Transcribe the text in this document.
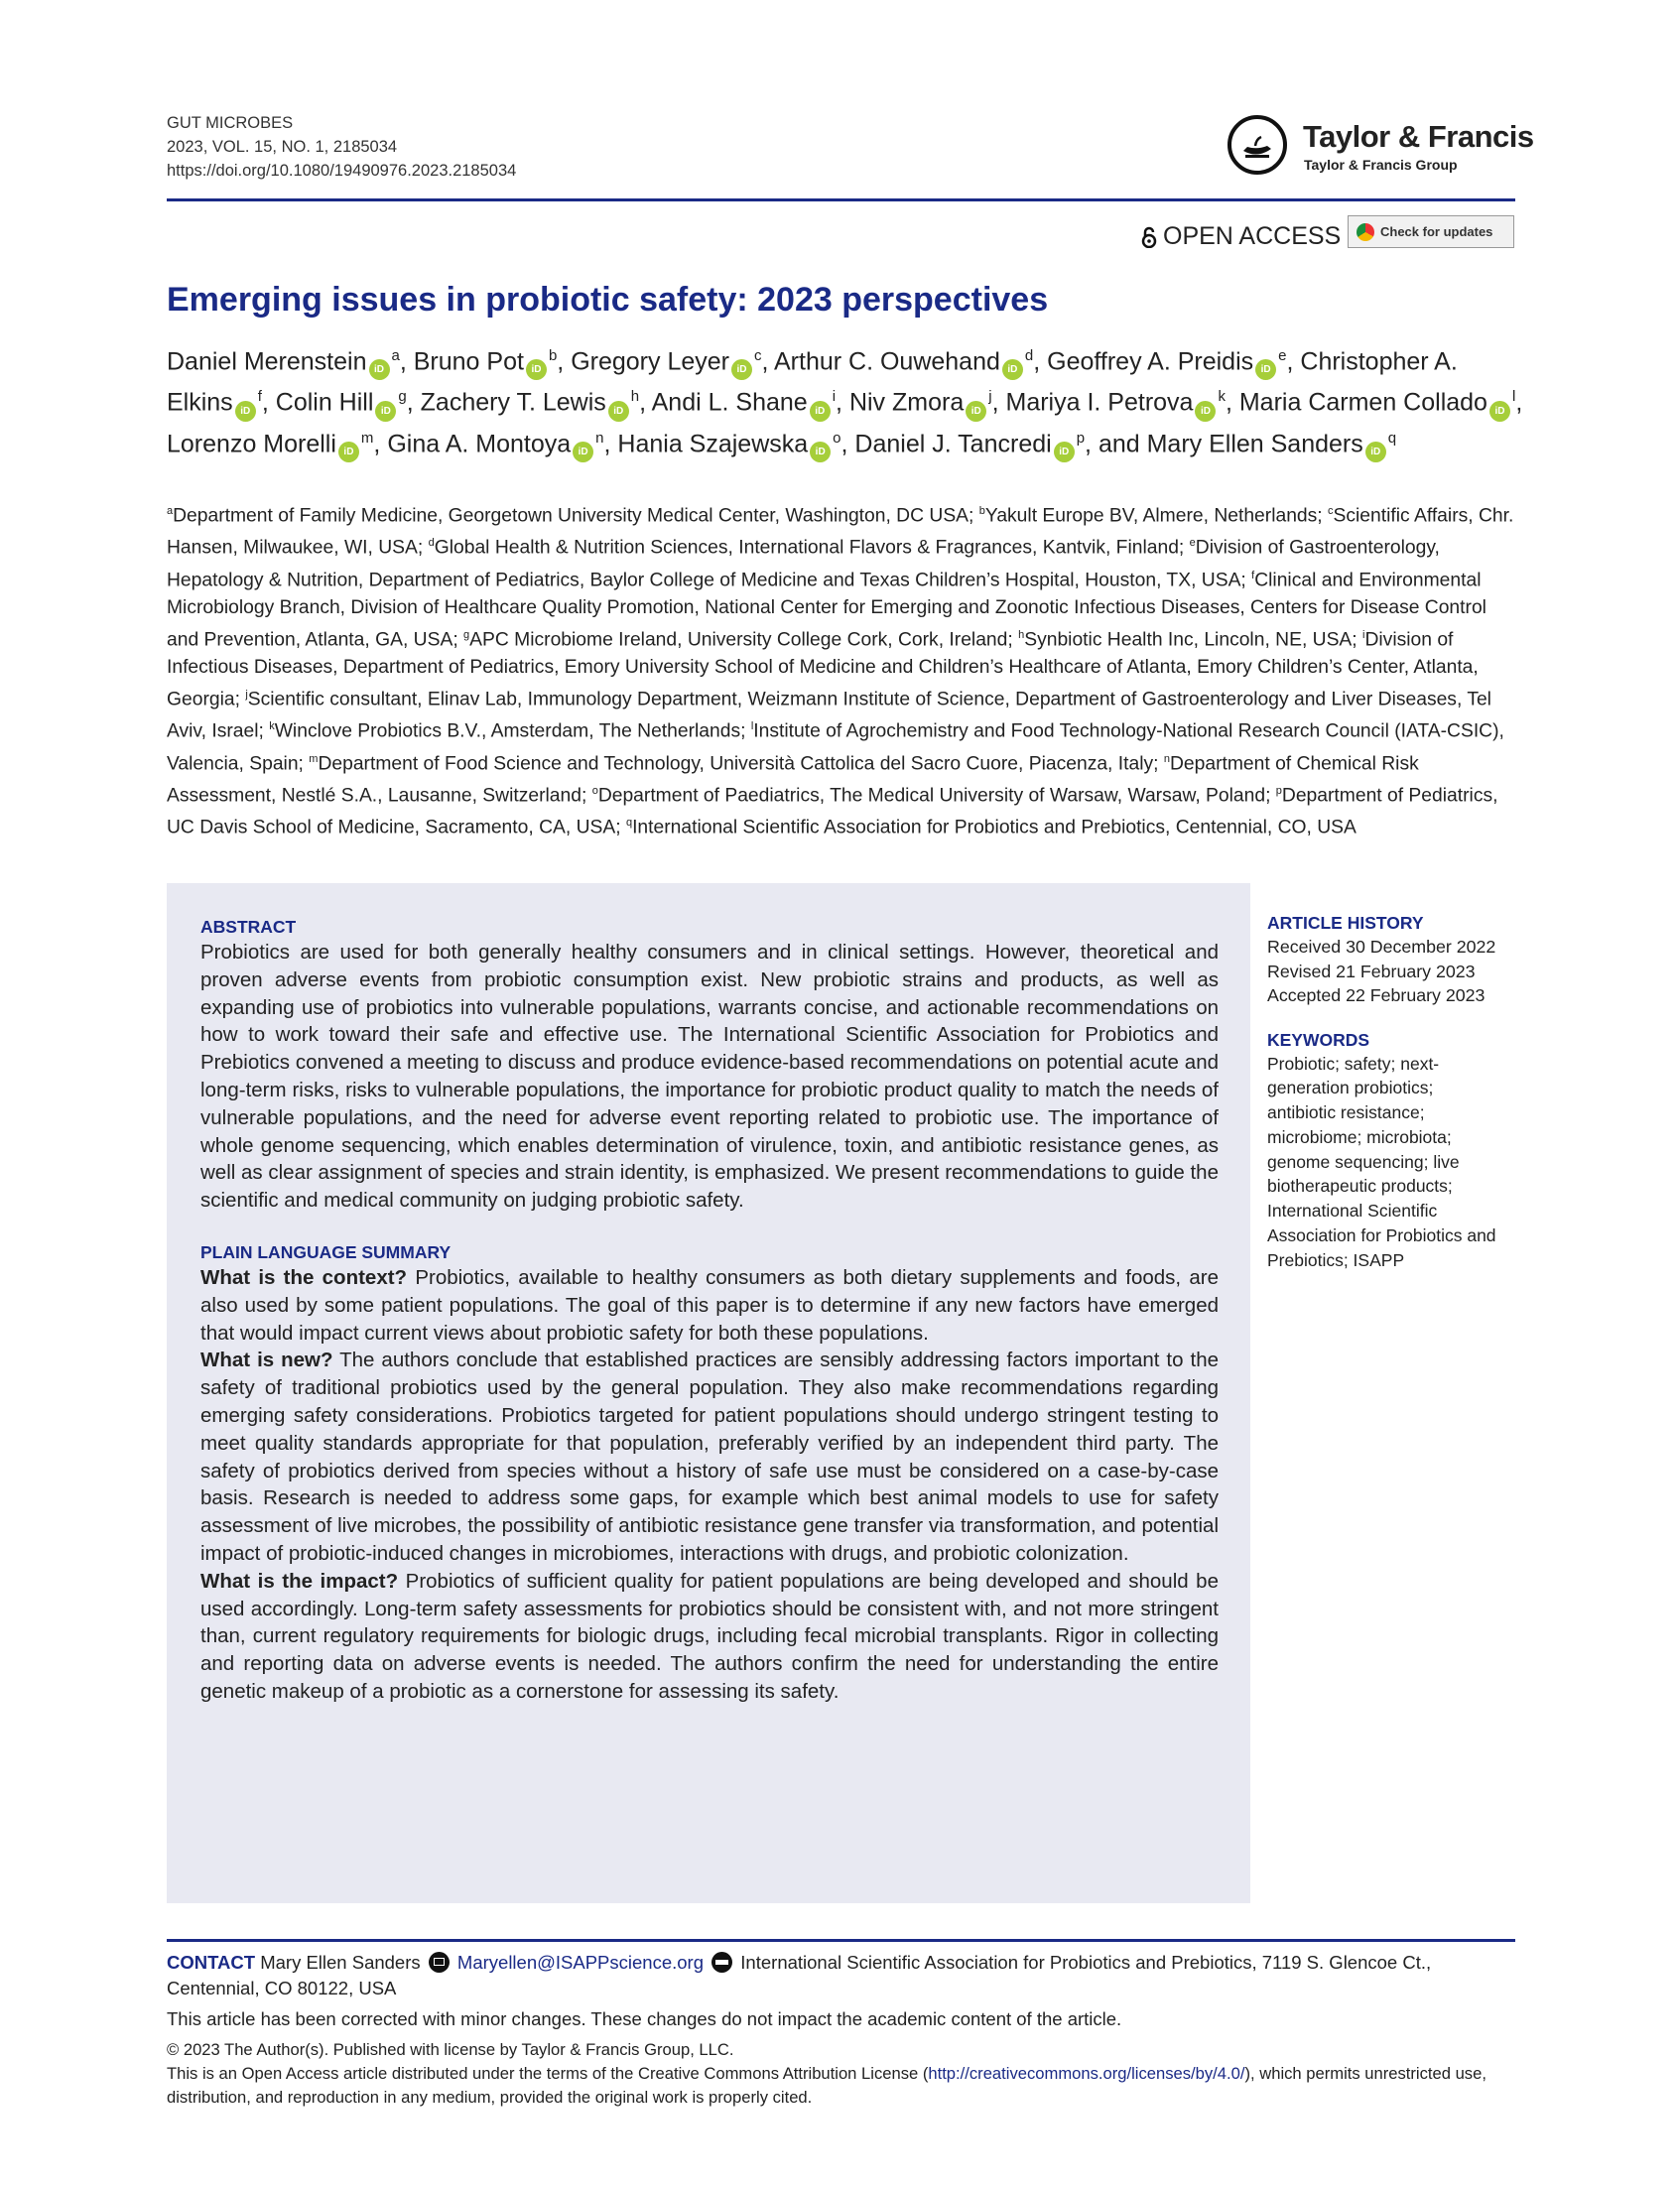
GUT MICROBES
2023, VOL. 15, NO. 1, 2185034
https://doi.org/10.1080/19490976.2023.2185034
Taylor & Francis
Taylor & Francis Group
OPEN ACCESS	Check for updates
Emerging issues in probiotic safety: 2023 perspectives
Daniel Merenstein $iD^a$, Bruno Pot $iD^b$, Gregory Leyer $iD^c$, Arthur C. Ouwehand $iD^d$, Geoffrey A. Preidis $iD^e$, Christopher A. Elkins $iD^f$, Colin Hill $iD^g$, Zachery T. Lewis $iD^h$, Andi L. Shane $iD^i$, Niv Zmora $iD^j$, Mariya I. Petrova $iD^k$, Maria Carmen Collado $iD^l$, Lorenzo Morelli $iD^m$, Gina A. Montoya $iD^n$, Hania Szajewska $iD^o$, Daniel J. Tancredi $iD^p$, and Mary Ellen Sanders $iD^q$
$^a$Department of Family Medicine, Georgetown University Medical Center, Washington, DC USA; $^b$Yakult Europe BV, Almere, Netherlands; $^c$Scientific Affairs, Chr. Hansen, Milwaukee, WI, USA; $^d$Global Health & Nutrition Sciences, International Flavors & Fragrances, Kantvik, Finland; $^e$Division of Gastroenterology, Hepatology & Nutrition, Department of Pediatrics, Baylor College of Medicine and Texas Children’s Hospital, Houston, TX, USA; $^f$Clinical and Environmental Microbiology Branch, Division of Healthcare Quality Promotion, National Center for Emerging and Zoonotic Infectious Diseases, Centers for Disease Control and Prevention, Atlanta, GA, USA; $^g$APC Microbiome Ireland, University College Cork, Cork, Ireland; $^h$Synbiotic Health Inc, Lincoln, NE, USA; $^i$Division of Infectious Diseases, Department of Pediatrics, Emory University School of Medicine and Children’s Healthcare of Atlanta, Emory Children’s Center, Atlanta, Georgia; $^j$Scientific consultant, Elinav Lab, Immunology Department, Weizmann Institute of Science, Department of Gastroenterology and Liver Diseases, Tel Aviv, Israel; $^k$Winclove Probiotics B.V., Amsterdam, The Netherlands; $^l$Institute of Agrochemistry and Food Technology-National Research Council (IATA-CSIC), Valencia, Spain; $^m$Department of Food Science and Technology, Università Cattolica del Sacro Cuore, Piacenza, Italy; $^n$Department of Chemical Risk Assessment, Nestlé S.A., Lausanne, Switzerland; $^o$Department of Paediatrics, The Medical University of Warsaw, Warsaw, Poland; $^p$Department of Pediatrics, UC Davis School of Medicine, Sacramento, CA, USA; $^q$International Scientific Association for Probiotics and Prebiotics, Centennial, CO, USA
ABSTRACT
Probiotics are used for both generally healthy consumers and in clinical settings. However, theoretical and proven adverse events from probiotic consumption exist. New probiotic strains and products, as well as expanding use of probiotics into vulnerable populations, warrants concise, and actionable recommendations on how to work toward their safe and effective use. The International Scientific Association for Probiotics and Prebiotics convened a meeting to discuss and produce evidence-based recommendations on potential acute and long-term risks, risks to vulnerable populations, the importance for probiotic product quality to match the needs of vulnerable populations, and the need for adverse event reporting related to probiotic use. The importance of whole genome sequencing, which enables determination of virulence, toxin, and antibiotic resistance genes, as well as clear assignment of species and strain identity, is emphasized. We present recommendations to guide the scientific and medical community on judging probiotic safety.
PLAIN LANGUAGE SUMMARY

What is the context? Probiotics, available to healthy consumers as both dietary supplements and foods, are also used by some patient populations. The goal of this paper is to determine if any new factors have emerged that would impact current views about probiotic safety for both these populations.

What is new? The authors conclude that established practices are sensibly addressing factors important to the safety of traditional probiotics used by the general population. They also make recommendations regarding emerging safety considerations. Probiotics targeted for patient populations should undergo stringent testing to meet quality standards appropriate for that population, preferably verified by an independent third party. The safety of probiotics derived from species without a history of safe use must be considered on a case-by-case basis. Research is needed to address some gaps, for example which best animal models to use for safety assessment of live microbes, the possibility of antibiotic resistance gene transfer via transformation, and potential impact of probiotic-induced changes in microbiomes, interactions with drugs, and probiotic colonization.

What is the impact? Probiotics of sufficient quality for patient populations are being developed and should be used accordingly. Long-term safety assessments for probiotics should be consistent with, and not more stringent than, current regulatory requirements for biologic drugs, including fecal microbial transplants. Rigor in collecting and reporting data on adverse events is needed. The authors confirm the need for understanding the entire genetic makeup of a probiotic as a cornerstone for assessing its safety.

ARTICLE HISTORY
Received 30 December 2022
Revised 21 February 2023
Accepted 22 February 2023
KEYWORDS
Probiotic; safety; next-generation probiotics; antibiotic resistance; microbiome; microbiota; genome sequencing; live biotherapeutic products; International Scientific Association for Probiotics and Prebiotics; ISAPP
CONTACT Mary Ellen Sanders  Maryellen@ISAPPscience.org  International Scientific Association for Probiotics and Prebiotics, 7119 S. Glencoe Ct., Centennial, CO 80122, USA
This article has been corrected with minor changes. These changes do not impact the academic content of the article.
© 2023 The Author(s). Published with license by Taylor & Francis Group, LLC.
This is an Open Access article distributed under the terms of the Creative Commons Attribution License (http://creativecommons.org/licenses/by/4.0/), which permits unrestricted use, distribution, and reproduction in any medium, provided the original work is properly cited.
